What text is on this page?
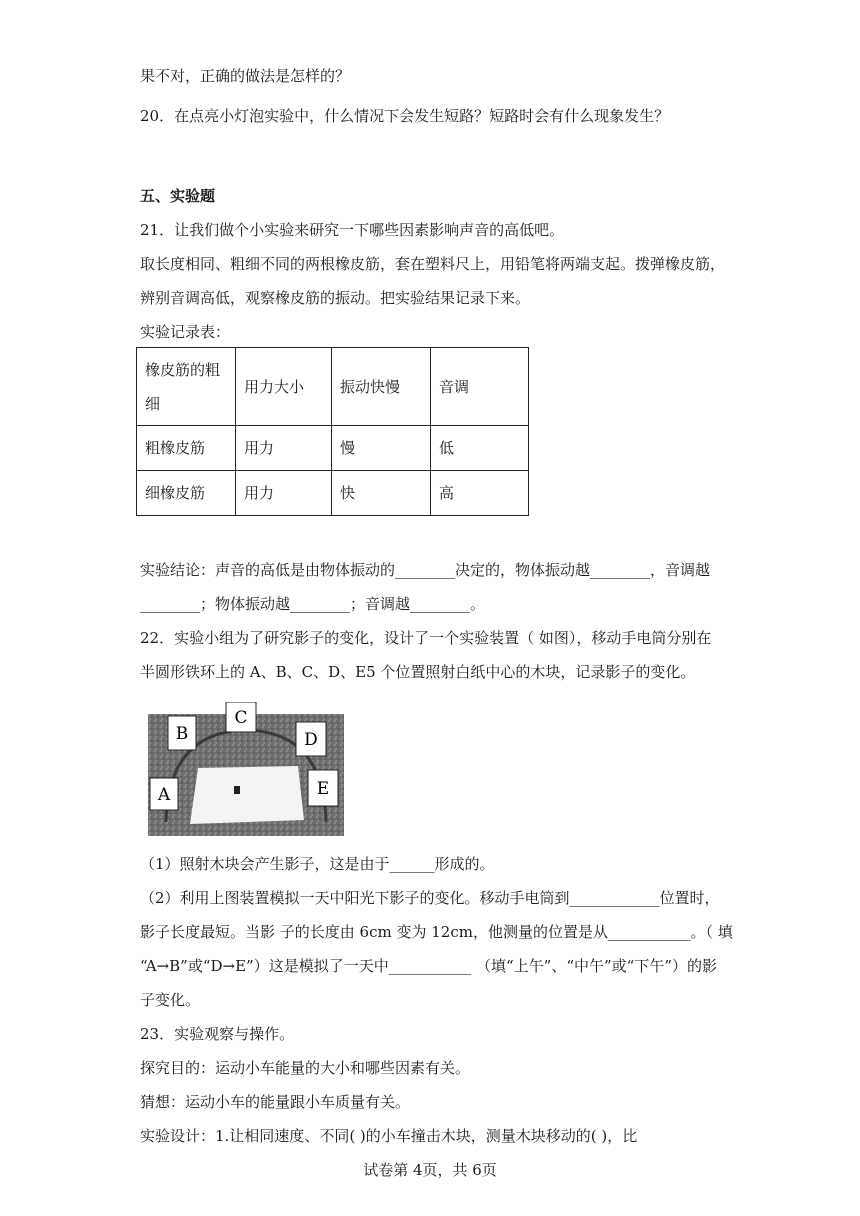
果不对，正确的做法是怎样的？
20．在点亮小灯泡实验中，什么情况下会发生短路？短路时会有什么现象发生？
五、实验题
21．让我们做个小实验来研究一下哪些因素影响声音的高低吧。
取长度相同、粗细不同的两根橡皮筋，套在塑料尺上，用铅笔将两端支起。拨弹橡皮筋，
辨别音调高低，观察橡皮筋的振动。把实验结果记录下来。
实验记录表：
橡皮筋的粗
细	用力大小	振动快慢	音调
粗橡皮筋	用力	慢	低
细橡皮筋	用力	快	高
实验结论：声音的高低是由物体振动的________决定的，物体振动越________，音调越
________；物体振动越________；音调越________。
22．实验小组为了研究影子的变化，设计了一个实验装置（ 如图），移动手电筒分别在
半圆形铁环上的 A、B、C、D、E5 个位置照射白纸中心的木块，记录影子的变化。
A
B
C
D
E
（1）照射木块会产生影子，这是由于______形成的。
（2）利用上图装置模拟一天中阳光下影子的变化。移动手电筒到____________位置时，
影子长度最短。当影 子的长度由 6cm 变为 12cm，他测量的位置是从___________。（ 填
“A→B”或“D→E”）这是模拟了一天中___________ （填“上午”、“中午”或“下午”）的影
子变化。
23．实验观察与操作。
探究目的：运动小车能量的大小和哪些因素有关。
猜想：运动小车的能量跟小车质量有关。
实验设计：1.让相同速度、不同( )的小车撞击木块，测量木块移动的( )，比
试卷第 4页，共 6页
